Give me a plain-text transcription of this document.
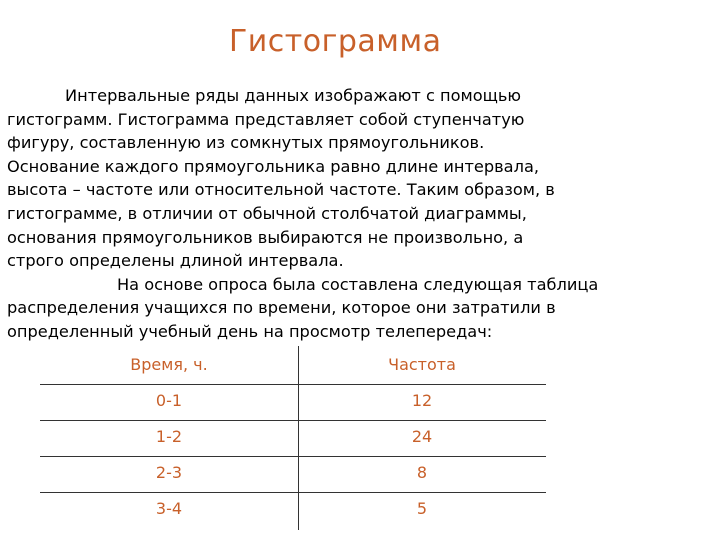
Гистограмма
Интервальные ряды данных изображают с помощью
гистограмм. Гистограмма представляет собой ступенчатую
фигуру, составленную из сомкнутых прямоугольников.
Основание каждого прямоугольника равно длине интервала,
высота – частоте или относительной частоте. Таким образом, в
гистограмме, в отличии от обычной столбчатой диаграммы,
основания прямоугольников выбираются не произвольно, а
строго определены длиной интервала.
На основе опроса была составлена следующая таблица
распределения учащихся по времени, которое они затратили в
определенный учебный день на просмотр телепередач:
Время, ч.	Частота
0-1	12
1-2	24
2-3	8
3-4	5
